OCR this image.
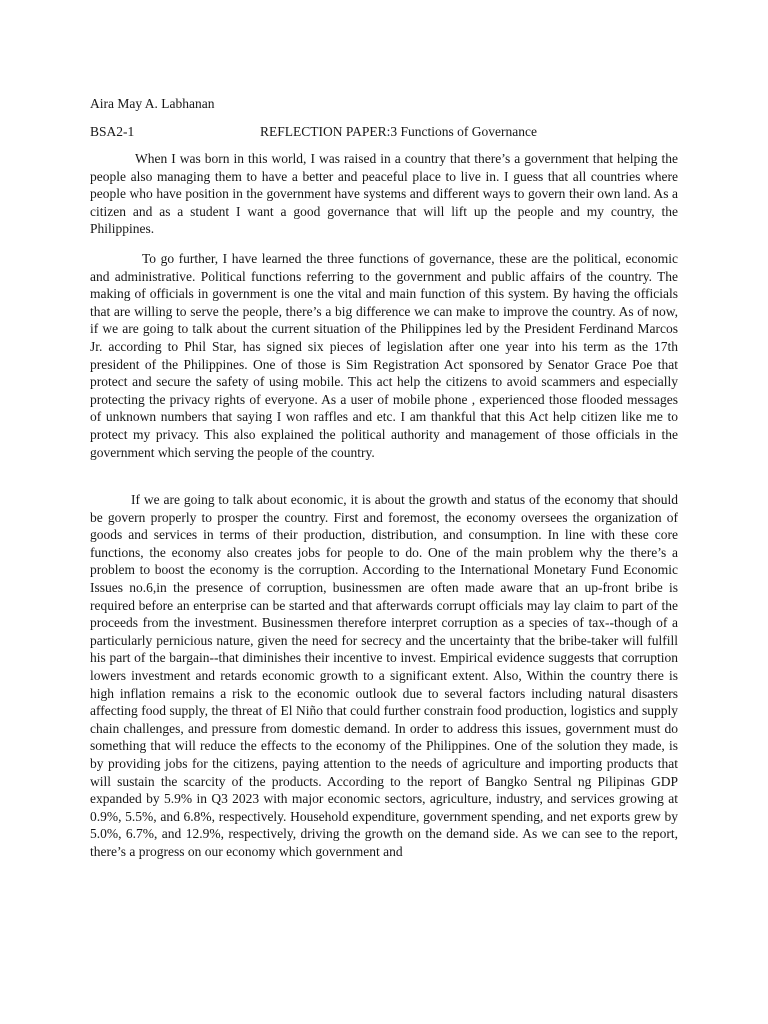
Aira May A. Labhanan

BSA2-1	REFLECTION PAPER:3 Functions of Governance

When I was born in this world, I was raised in a country that there’s a government that helping the people also managing them to have a better and peaceful place to live in. I guess that all countries where people who have position in the government have systems and different ways to govern their own land. As a citizen and as a student I want a good governance that will lift up the people and my country, the Philippines.

To go further, I have learned the three functions of governance, these are the political, economic and administrative. Political functions referring to the government and public affairs of the country. The making of officials in government is one the vital and main function of this system. By having the officials that are willing to serve the people, there’s a big difference we can make to improve the country. As of now, if we are going to talk about the current situation of the Philippines led by the President Ferdinand Marcos Jr. according to Phil Star, has signed six pieces of legislation after one year into his term as the 17th president of the Philippines. One of those is Sim Registration Act sponsored by Senator Grace Poe that protect and secure the safety of using mobile. This act help the citizens to avoid scammers and especially protecting the privacy rights of everyone. As a user of mobile phone , experienced those flooded messages of unknown numbers that saying I won raffles and etc. I am thankful that this Act help citizen like me to protect my privacy. This also explained the political authority and management of those officials in the government which serving the people of the country.

If we are going to talk about economic, it is about the growth and status of the economy that should be govern properly to prosper the country. First and foremost, the economy oversees the organization of goods and services in terms of their production, distribution, and consumption. In line with these core functions, the economy also creates jobs for people to do. One of the main problem why the there’s a problem to boost the economy is the corruption. According to the International Monetary Fund Economic Issues no.6,in the presence of corruption, businessmen are often made aware that an up-front bribe is required before an enterprise can be started and that afterwards corrupt officials may lay claim to part of the proceeds from the investment. Businessmen therefore interpret corruption as a species of tax--though of a particularly pernicious nature, given the need for secrecy and the uncertainty that the bribe-taker will fulfill his part of the bargain--that diminishes their incentive to invest. Empirical evidence suggests that corruption lowers investment and retards economic growth to a significant extent. Also, Within the country there is high inflation remains a risk to the economic outlook due to several factors including natural disasters affecting food supply, the threat of El Niño that could further constrain food production, logistics and supply chain challenges, and pressure from domestic demand. In order to address this issues, government must do something that will reduce the effects to the economy of the Philippines. One of the solution they made, is by providing jobs for the citizens, paying attention to the needs of agriculture and importing products that will sustain the scarcity of the products. According to the report of Bangko Sentral ng Pilipinas GDP expanded by 5.9% in Q3 2023 with major economic sectors, agriculture, industry, and services growing at 0.9%, 5.5%, and 6.8%, respectively. Household expenditure, government spending, and net exports grew by 5.0%, 6.7%, and 12.9%, respectively, driving the growth on the demand side. As we can see to the report, there’s a progress on our economy which government and
